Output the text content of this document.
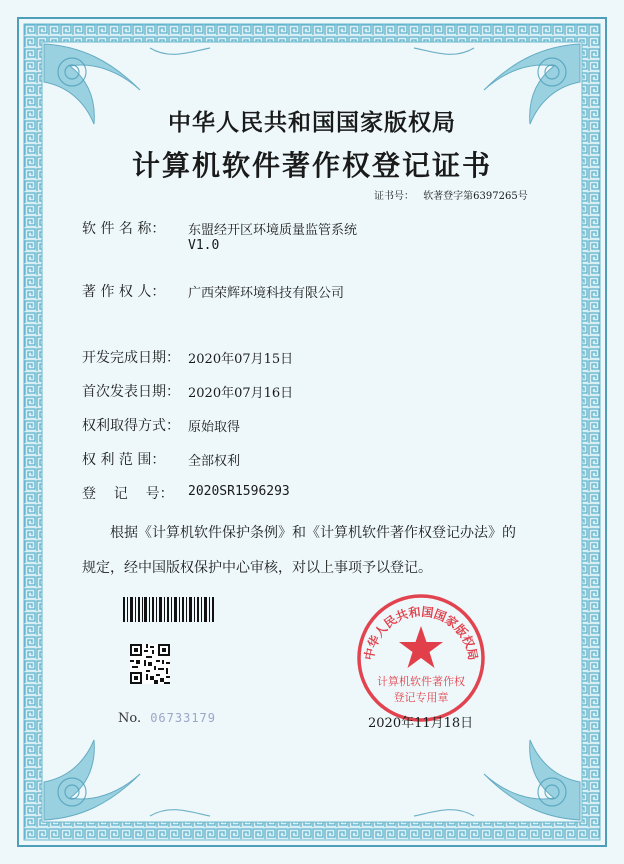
中华人民共和国国家版权局
计算机软件著作权登记证书
证书号： 软著登字第6397265号
软 件 名 称： 东盟经开区环境质量监管系统
V1.0
著 作 权 人： 广西荣辉环境科技有限公司
开发完成日期： 2020年07月15日
首次发表日期： 2020年07月16日
权利取得方式： 原始取得
权 利 范 围： 全部权利
登    记    号： 2020SR1596293
根据《计算机软件保护条例》和《计算机软件著作权登记办法》的
规定，经中国版权保护中心审核，对以上事项予以登记。
No. 06733179
中华人民共和国国家版权局
计算机软件著作权
登记专用章
2020年11月18日
